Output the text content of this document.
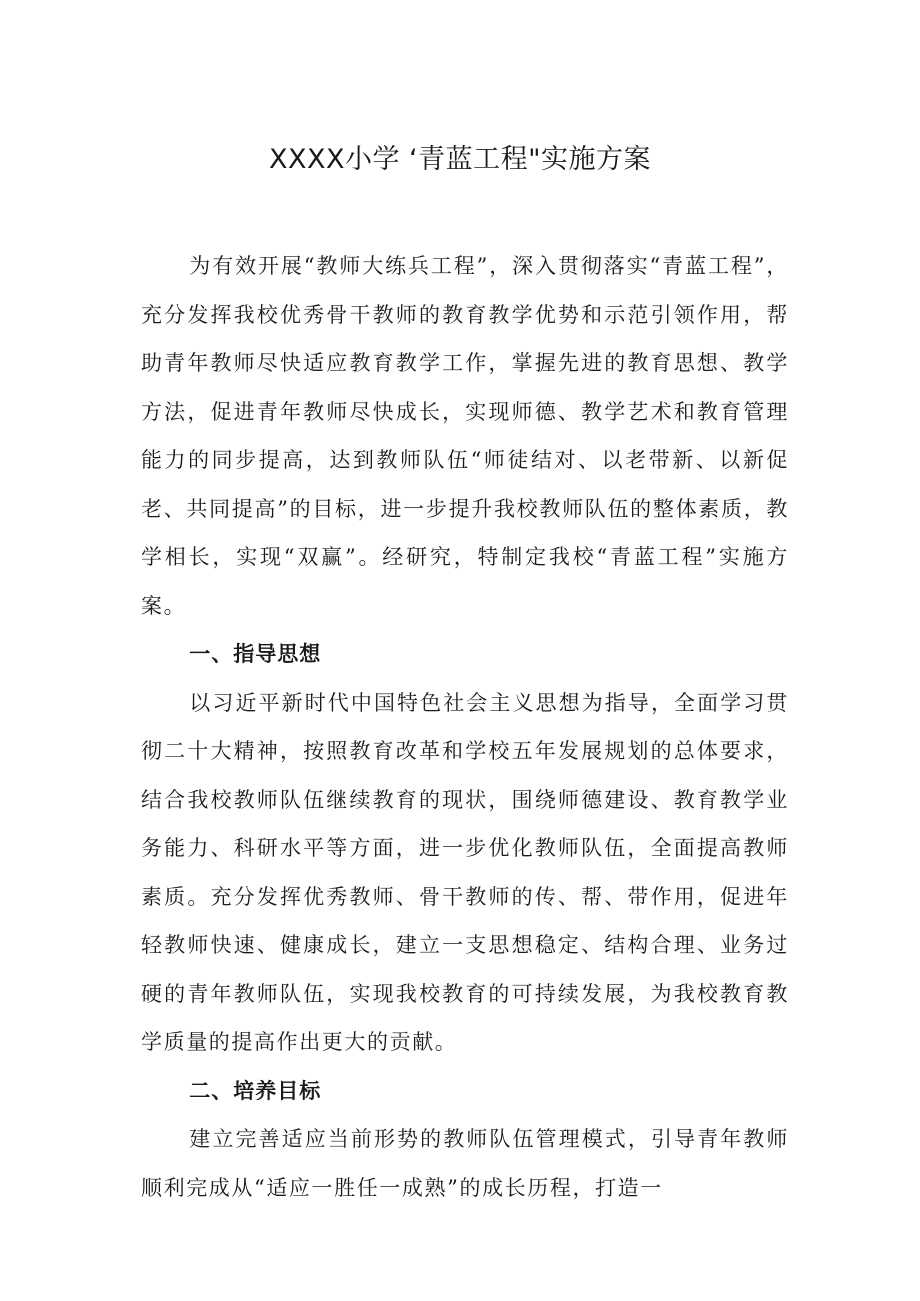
XXXX小学 ‘青蓝工程"实施方案

为有效开展“教师大练兵工程”，深入贯彻落实“青蓝工程”，充分发挥我校优秀骨干教师的教育教学优势和示范引领作用，帮助青年教师尽快适应教育教学工作，掌握先进的教育思想、教学方法，促进青年教师尽快成长，实现师德、教学艺术和教育管理能力的同步提高，达到教师队伍“师徒结对、以老带新、以新促老、共同提高”的目标，进一步提升我校教师队伍的整体素质，教学相长，实现“双赢”。经研究，特制定我校“青蓝工程”实施方案。

一、指导思想

以习近平新时代中国特色社会主义思想为指导，全面学习贯彻二十大精神，按照教育改革和学校五年发展规划的总体要求，结合我校教师队伍继续教育的现状，围绕师德建设、教育教学业务能力、科研水平等方面，进一步优化教师队伍，全面提高教师素质。充分发挥优秀教师、骨干教师的传、帮、带作用，促进年轻教师快速、健康成长，建立一支思想稳定、结构合理、业务过硬的青年教师队伍，实现我校教育的可持续发展，为我校教育教学质量的提高作出更大的贡献。

二、培养目标

建立完善适应当前形势的教师队伍管理模式，引导青年教师顺利完成从“适应一胜任一成熟”的成长历程，打造一
